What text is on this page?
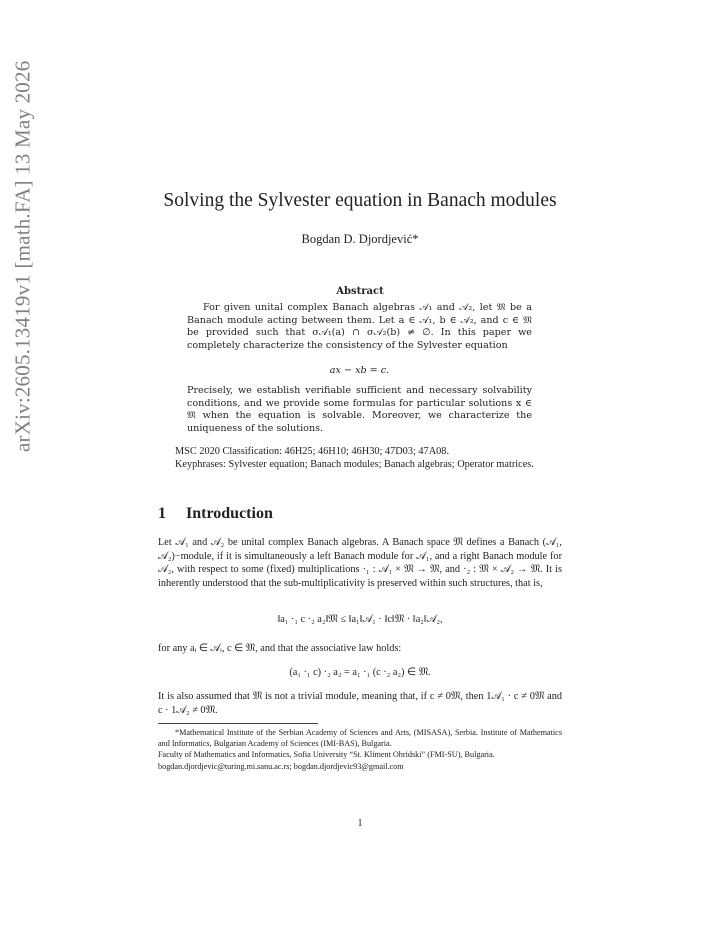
arXiv:2605.13419v1 [math.FA] 13 May 2026	Solving the Sylvester equation in Banach modules
Bogdan D. Djordjević*
Abstract
For given unital complex Banach algebras 𝒜₁ and 𝒜₂, let 𝔐 be a Banach module acting between them. Let a ∈ 𝒜₁, b ∈ 𝒜₂, and c ∈ 𝔐 be provided such that σ𝒜₁(a) ∩ σ𝒜₂(b) ≠ ∅. In this paper we completely characterize the consistency of the Sylvester equation
ax − xb = c.
Precisely, we establish verifiable sufficient and necessary solvability conditions, and we provide some formulas for particular solutions x ∈ 𝔐 when the equation is solvable. Moreover, we characterize the uniqueness of the solutions.
MSC 2020 Classification: 46H25; 46H10; 46H30; 47D03; 47A08.
Keyphrases: Sylvester equation; Banach modules; Banach algebras; Operator matrices.
1 Introduction
Let 𝒜₁ and 𝒜₂ be unital complex Banach algebras. A Banach space 𝔐 defines a Banach (𝒜₁, 𝒜₂)−module, if it is simultaneously a left Banach module for 𝒜₁, and a right Banach module for 𝒜₂, with respect to some (fixed) multiplications ·₁ : 𝒜₁ × 𝔐 → 𝔐, and ·₂ : 𝔐 × 𝒜₂ → 𝔐. It is inherently understood that the sub-multiplicativity is preserved within such structures, that is,
‖a₁ ·₁ c ·₂ a₂‖𝔐 ≤ ‖a₁‖𝒜₁ · ‖c‖𝔐 · ‖a₂‖𝒜₂,
for any aᵢ ∈ 𝒜ᵢ, c ∈ 𝔐, and that the associative law holds:
(a₁ ·₁ c) ·₂ a₂ = a₁ ·₁ (c ·₂ a₂) ∈ 𝔐.
It is also assumed that 𝔐 is not a trivial module, meaning that, if c ≠ 0𝔐, then 1𝒜₁ · c ≠ 0𝔐 and c · 1𝒜₂ ≠ 0𝔐.
*Mathematical Institute of the Serbian Academy of Sciences and Arts, (MISASA), Serbia. Institute of Mathematics and Informatics, Bulgarian Academy of Sciences (IMI-BAS), Bulgaria.
Faculty of Mathematics and Informatics, Sofia University “St. Kliment Ohridski” (FMI-SU), Bulgaria.
bogdan.djordjevic@turing.mi.sanu.ac.rs; bogdan.djordjevic93@gmail.com
1
